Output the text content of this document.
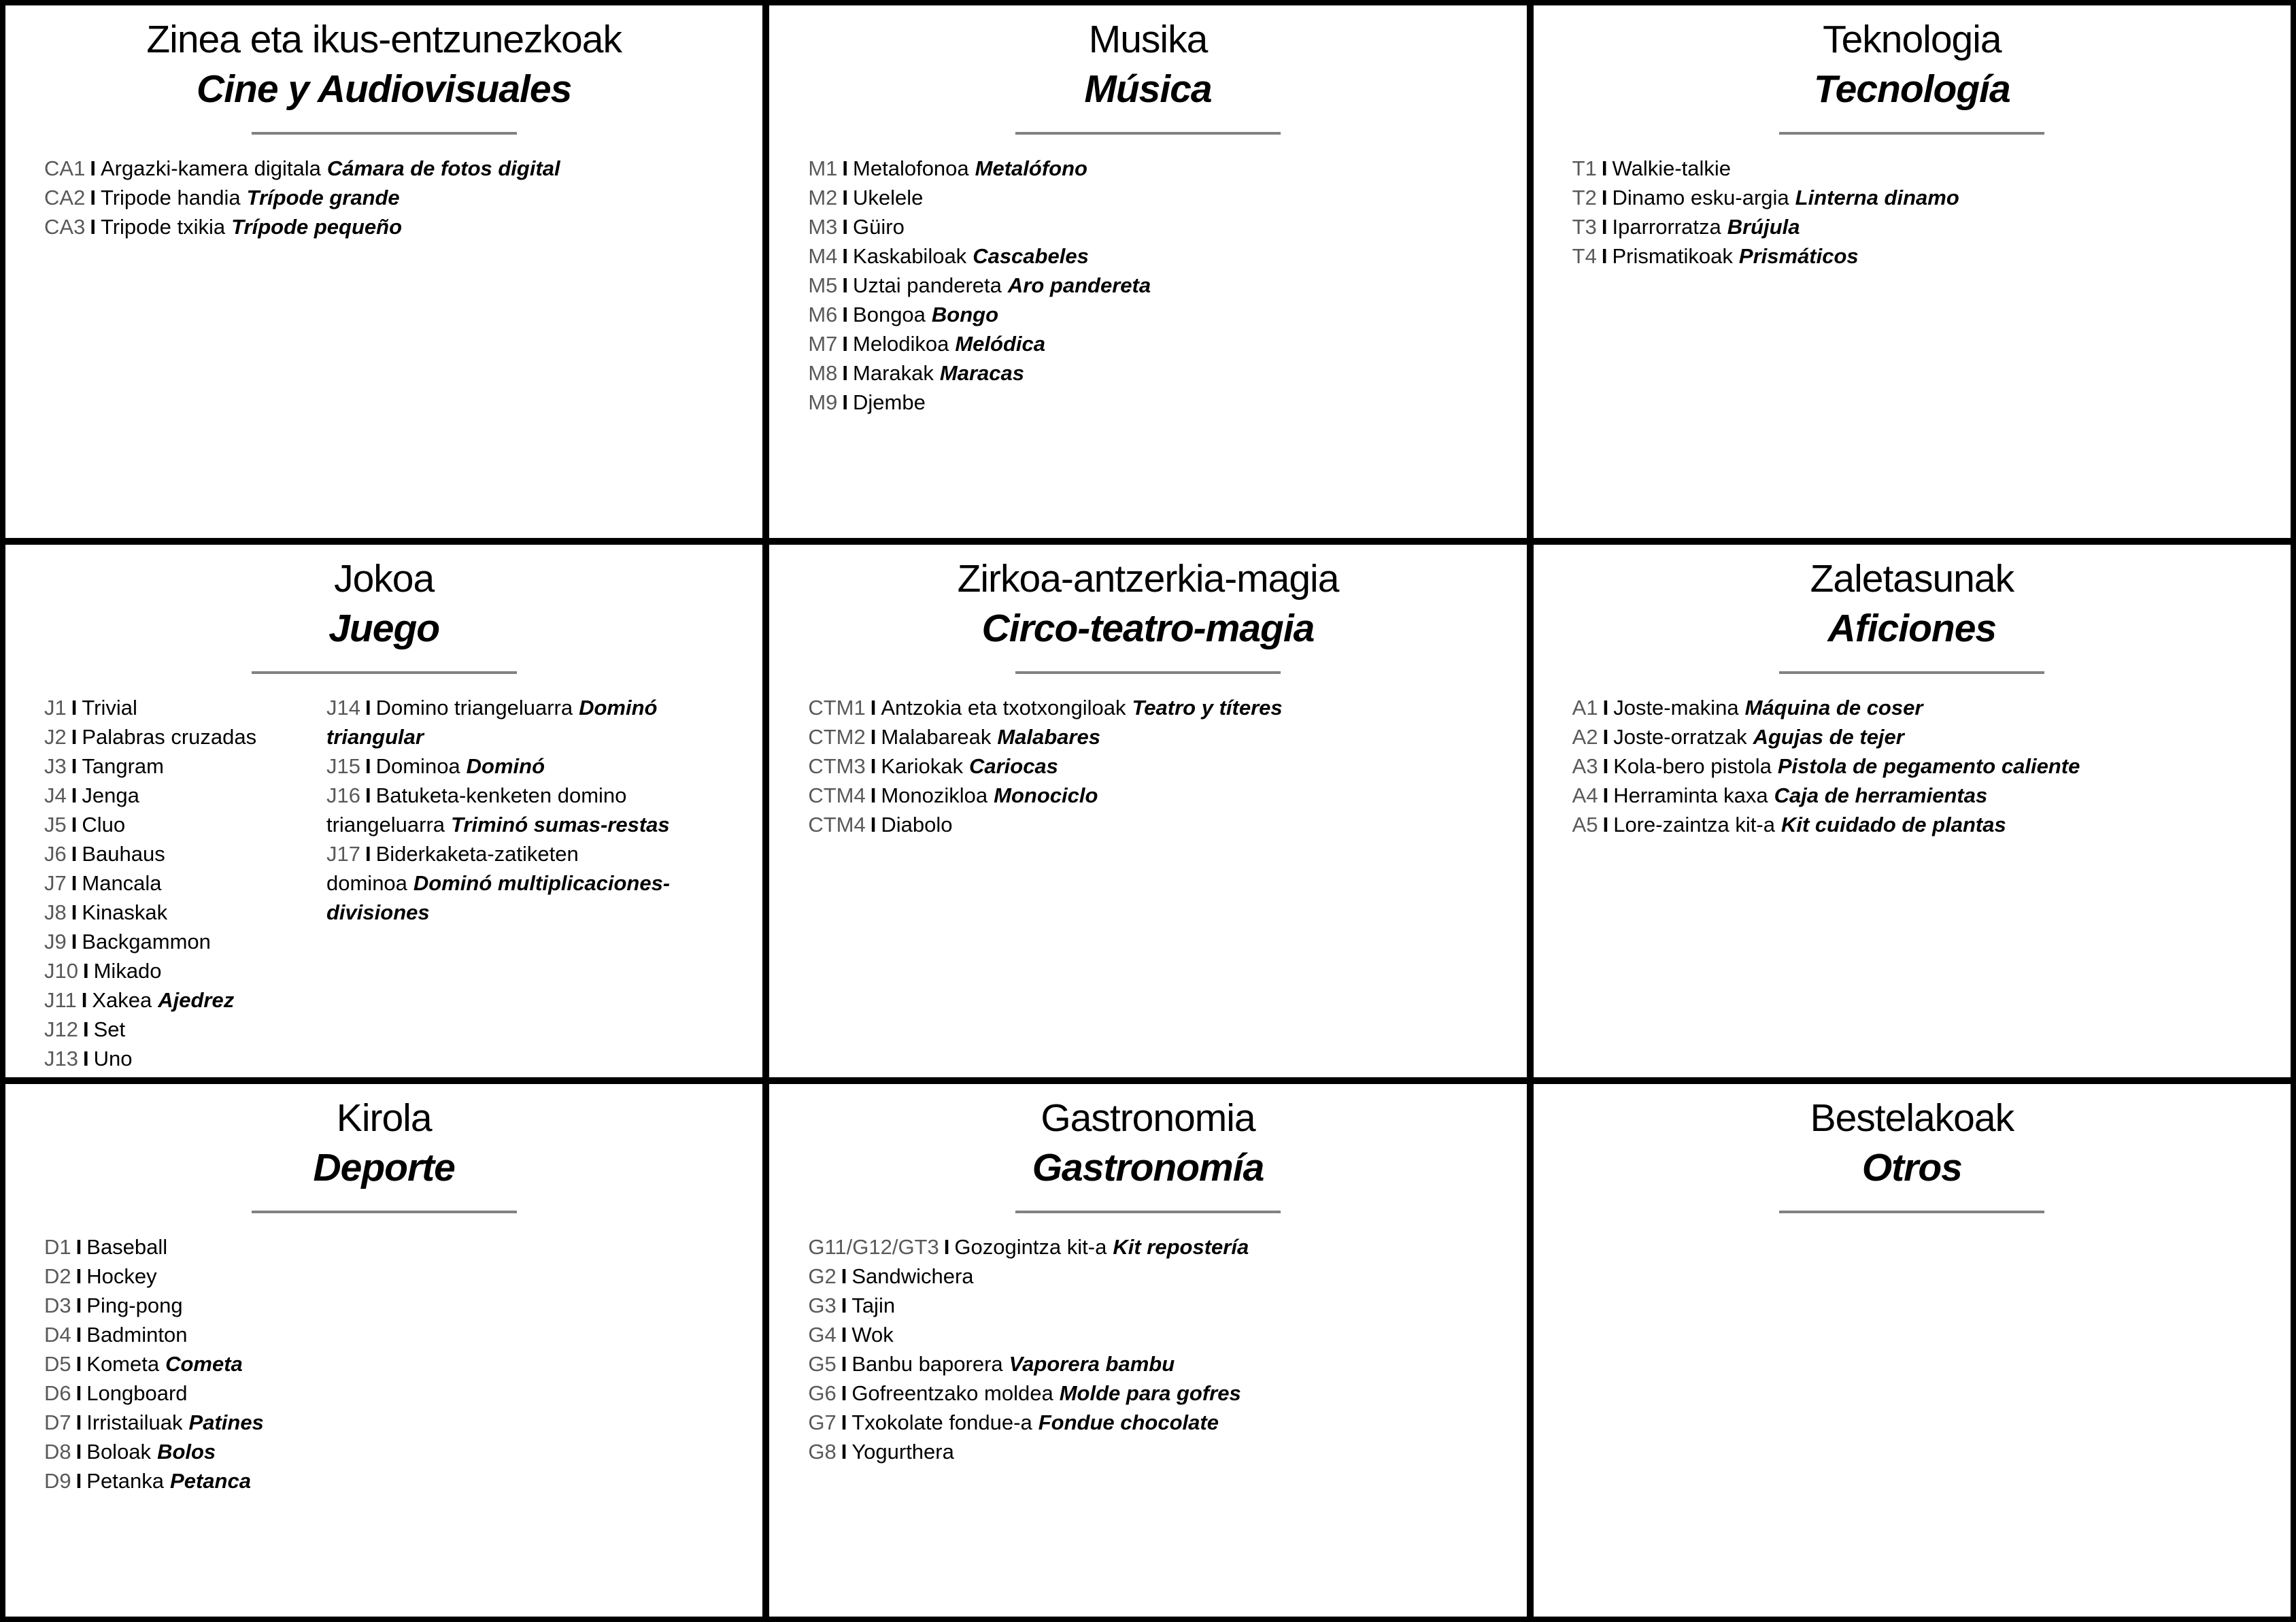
Zinea eta ikus-entzunezkoak
Cine y Audiovisuales
CA1 I Argazki-kamera digitala Cámara de fotos digital
CA2 I Tripode handia Trípode grande
CA3 I Tripode txikia Trípode pequeño
Musika
Música
M1 I Metalofonoa Metalófono
M2 I Ukelele
M3 I Güiro
M4 I Kaskabiloak Cascabeles
M5 I Uztai pandereta Aro pandereta
M6 I Bongoa Bongo
M7 I Melodikoa Melódica
M8 I Marakak Maracas
M9 I Djembe
Teknologia
Tecnología
T1 I Walkie-talkie
T2 I Dinamo esku-argia Linterna dinamo
T3 I Iparrorratza Brújula
T4 I Prismatikoak Prismáticos
Jokoa
Juego
J1 I Trivial
J2 I Palabras cruzadas
J3 I Tangram
J4 I Jenga
J5 I Cluo
J6 I Bauhaus
J7 I Mancala
J8 I Kinaskak
J9 I Backgammon
J10 I Mikado
J11 I Xakea Ajedrez
J12 I Set
J13 I Uno
J14 I Domino triangeluarra Dominó triangular
J15 I Dominoa Dominó
J16 I Batuketa-kenketen domino triangeluarra Triminó sumas-restas
J17 I Biderkaketa-zatiketen dominoa Dominó multiplicaciones-divisiones
Zirkoa-antzerkia-magia
Circo-teatro-magia
CTM1 I Antzokia eta txotxongiloak Teatro y títeres
CTM2 I Malabareak Malabares
CTM3 I Kariokak Cariocas
CTM4 I Monozikloa Monociclo
CTM4 I Diabolo
Zaletasunak
Aficiones
A1 I Joste-makina Máquina de coser
A2 I Joste-orratzak Agujas de tejer
A3 I Kola-bero pistola Pistola de pegamento caliente
A4 I Herraminta kaxa Caja de herramientas
A5 I Lore-zaintza kit-a Kit cuidado de plantas
Kirola
Deporte
D1 I Baseball
D2 I Hockey
D3 I Ping-pong
D4 I Badminton
D5 I Kometa Cometa
D6 I Longboard
D7 I Irristailuak Patines
D8 I Boloak Bolos
D9 I Petanka Petanca
Gastronomia
Gastronomía
G11/G12/GT3 I Gozogintza kit-a Kit repostería
G2 I Sandwichera
G3 I Tajin
G4 I Wok
G5 I Banbu baporera Vaporera bambu
G6 I Gofreentzako moldea Molde para gofres
G7 I Txokolate fondue-a Fondue chocolate
G8 I Yogurthera
Bestelakoak
Otros
